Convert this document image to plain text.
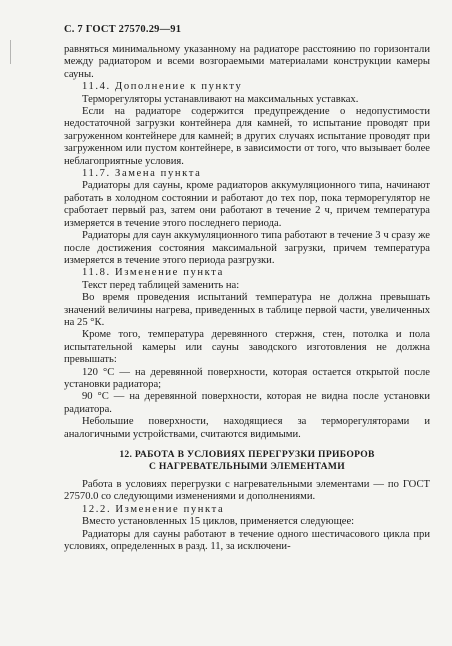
С. 7 ГОСТ 27570.29—91

равняться минимальному указанному на радиаторе расстоянию по горизонтали между радиатором и всеми возгораемыми материалами конструкции камеры сауны.

11.4. Дополнение к пункту

Терморегуляторы устанавливают на максимальных уставках.

Если на радиаторе содержится предупреждение о недопустимости недостаточной загрузки контейнера для камней, то испытание проводят при загруженном контейнере для камней; в других случаях испытание проводят при загруженном или пустом контейнере, в зависимости от того, что вызывает более неблагоприятные условия.

11.7. Замена пункта

Радиаторы для сауны, кроме радиаторов аккумуляционного типа, начинают работать в холодном состоянии и работают до тех пор, пока терморегулятор не сработает первый раз, затем они работают в течение 2 ч, причем температура измеряется в течение этого последнего периода.

Радиаторы для саун аккумуляционного типа работают в течение 3 ч сразу же после достижения состояния максимальной загрузки, причем температура измеряется в течение этого периода разгрузки.

11.8. Изменение пункта

Текст перед таблицей заменить на:

Во время проведения испытаний температура не должна превышать значений величины нагрева, приведенных в таблице первой части, увеличенных на 25 °К.

Кроме того, температура деревянного стержня, стен, потолка и пола испытательной камеры или сауны заводского изготовления не должна превышать:

120 °С — на деревянной поверхности, которая остается открытой после установки радиатора;

90 °С — на деревянной поверхности, которая не видна после установки радиатора.

Небольшие поверхности, находящиеся за терморегуляторами и аналогичными устройствами, считаются видимыми.

12. РАБОТА В УСЛОВИЯХ ПЕРЕГРУЗКИ ПРИБОРОВ
С НАГРЕВАТЕЛЬНЫМИ ЭЛЕМЕНТАМИ

Работа в условиях перегрузки с нагревательными элементами — по ГОСТ 27570.0 со следующими изменениями и дополнениями.

12.2. Изменение пункта

Вместо установленных 15 циклов, применяется следующее:

Радиаторы для сауны работают в течение одного шестичасового цикла при условиях, определенных в разд. 11, за исключени-
